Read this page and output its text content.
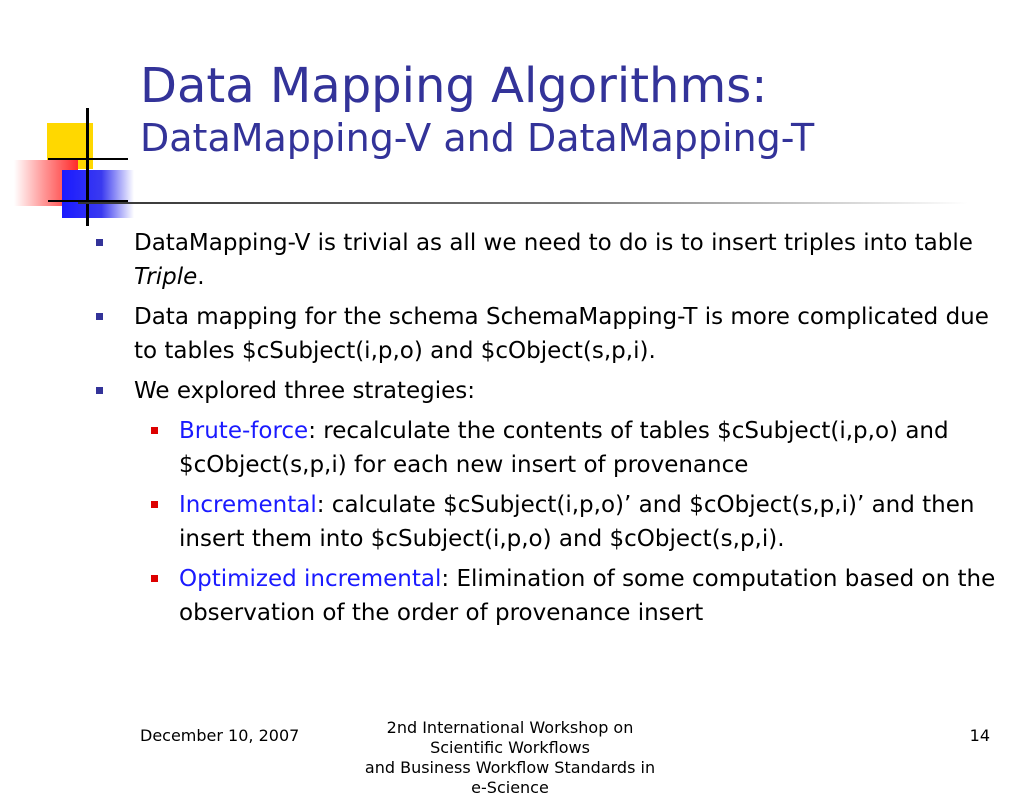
Data Mapping Algorithms:
DataMapping-V and DataMapping-T
DataMapping-V is trivial as all we need to do is to insert triples into table Triple.
Data mapping for the schema SchemaMapping-T is more complicated due to tables $cSubject(i,p,o) and $cObject(s,p,i).
We explored three strategies:
Brute-force: recalculate the contents of tables $cSubject(i,p,o) and $cObject(s,p,i) for each new insert of provenance
Incremental: calculate $cSubject(i,p,o)’ and $cObject(s,p,i)’ and then insert them into $cSubject(i,p,o) and $cObject(s,p,i).
Optimized incremental: Elimination of some computation based on the observation of the order of provenance insert
December 10, 2007	2nd International Workshop on Scientific Workflows
and Business Workflow Standards in e-Science
14
